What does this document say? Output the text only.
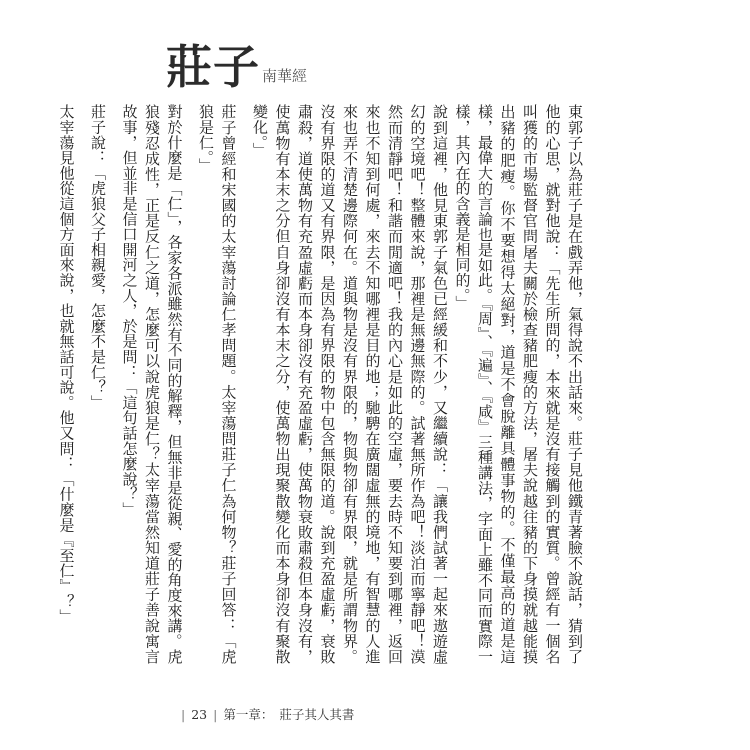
莊子 南華經

東郭子以為莊子是在戲弄他，氣得說不出話來。莊子見他鐵青著臉不說話，猜到了他的心思，就對他說：「先生所問的，本來就是沒有接觸到的實質。曾經有一個名叫獲的市場監督官問屠夫關於檢查豬肥瘦的方法，屠夫說越往豬的下身摸就越能摸出豬的肥瘦。你不要想得太絕對，道是不會脫離具體事物的。不僅最高的道是這樣，最偉大的言論也是如此。『周』、『遍』、『咸』三種講法，字面上雖不同而實際一樣，其內在的含義是相同的。」

說到這裡，他見東郭子氣色已經緩和不少，又繼續說：「讓我們試著一起來遨遊虛幻的空境吧！整體來說，那裡是無邊無際的。試著無所作為吧！淡泊而寧靜吧！漠然而清靜吧！和諧而閒適吧！我的內心是如此的空虛，要去時不知要到哪裡，返回來也不知到何處，來去不知哪裡是目的地；馳騁在廣闊虛無的境地，有智慧的人進來也弄不清楚邊際何在。道與物是沒有界限的，物與物卻有界限，就是所謂物界。沒有界限的道又有界限，是因為有界限的物中包含無限的道。說到充盈虛虧，衰敗肅殺，道使萬物有充盈虛虧而本身卻沒有充盈虛虧，使萬物衰敗肅殺但本身沒有，使萬物有本末之分但自身卻沒有本末之分，使萬物出現聚散變化而本身卻沒有聚散變化。」

莊子曾經和宋國的太宰蕩討論仁孝問題。太宰蕩問莊子仁為何物？莊子回答：「虎狼是仁。」

對於什麼是「仁」，各家各派雖然有不同的解釋，但無非是從親、愛的角度來講。虎狼殘忍成性，正是反仁之道，怎麼可以說虎狼是仁？太宰蕩當然知道莊子善說寓言故事，但並非是信口開河之人，於是問：「這句話怎麼說？」

莊子說：「虎狼父子相親愛，怎麼不是仁？」

太宰蕩見他從這個方面來說，也就無話可說。他又問：「什麼是『至仁』？」

| 23 | 第一章： 莊子其人其書
